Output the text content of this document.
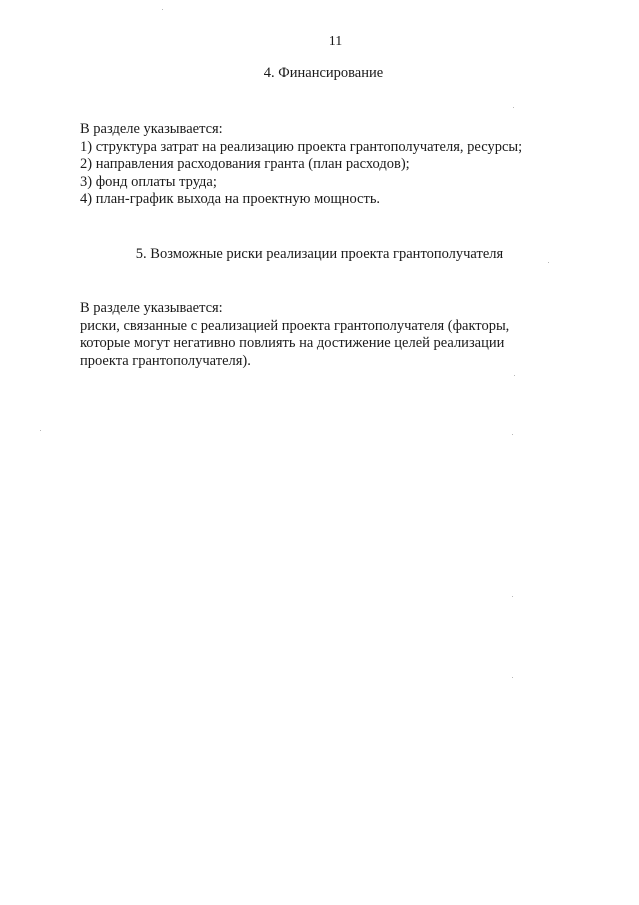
11
4. Финансирование
В разделе указывается:
1) структура затрат на реализацию проекта грантополучателя, ресурсы;
2) направления расходования гранта (план расходов);
3) фонд оплаты труда;
4) план-график выхода на проектную мощность.
5. Возможные риски реализации проекта грантополучателя
В разделе указывается:
риски, связанные с реализацией проекта грантополучателя (факторы,
которые могут негативно повлиять на достижение целей реализации
проекта грантополучателя).
